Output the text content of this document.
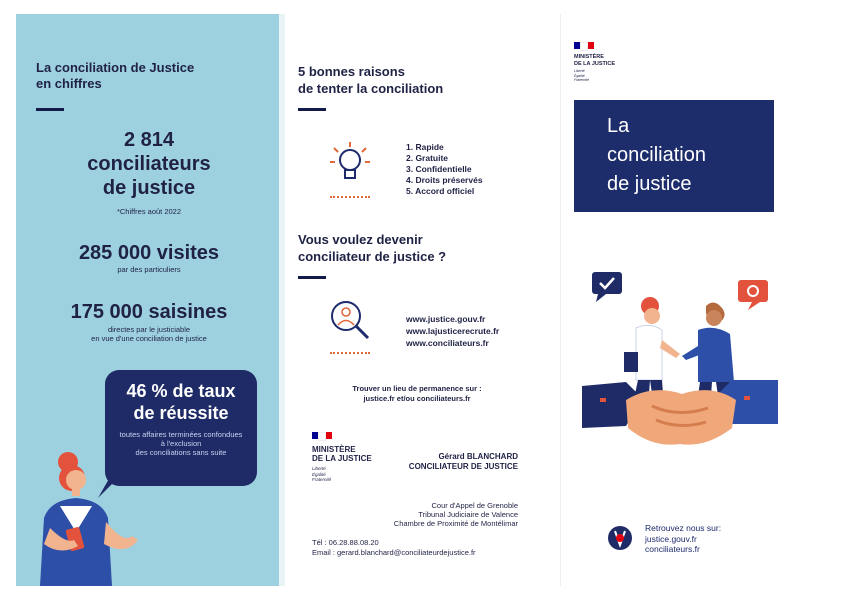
La conciliation de Justice
en chiffres
2 814
conciliateurs
de justice
*Chiffres août 2022
285 000 visites
par des particuliers
175 000 saisines
directes par le justiciable
en vue d'une conciliation de justice
46 % de taux
de réussite
toutes affaires terminées confondues
à l'exclusion
des conciliations sans suite
5 bonnes raisons
de tenter la conciliation
1. Rapide
2. Gratuite
3. Confidentielle
4. Droits préservés
5. Accord officiel
Vous voulez devenir
conciliateur de justice ?
www.justice.gouv.fr
www.lajusticerecrute.fr
www.conciliateurs.fr
Trouver un lieu de permanence sur :
justice.fr et/ou conciliateurs.fr
MINISTÈRE
DE LA JUSTICE
Liberté
Égalité
Fraternité
Gérard BLANCHARD
CONCILIATEUR DE JUSTICE
Cour d'Appel de Grenoble
Tribunal Judiciaire de Valence
Chambre de Proximité de Montélimar
Tél : 06.28.88.08.20
Email : gerard.blanchard@conciliateurdejustice.fr
MINISTÈRE
DE LA JUSTICE
Liberté
Égalité
Fraternité
La
conciliation
de justice
Retrouvez nous sur:
justice.gouv.fr
conciliateurs.fr
